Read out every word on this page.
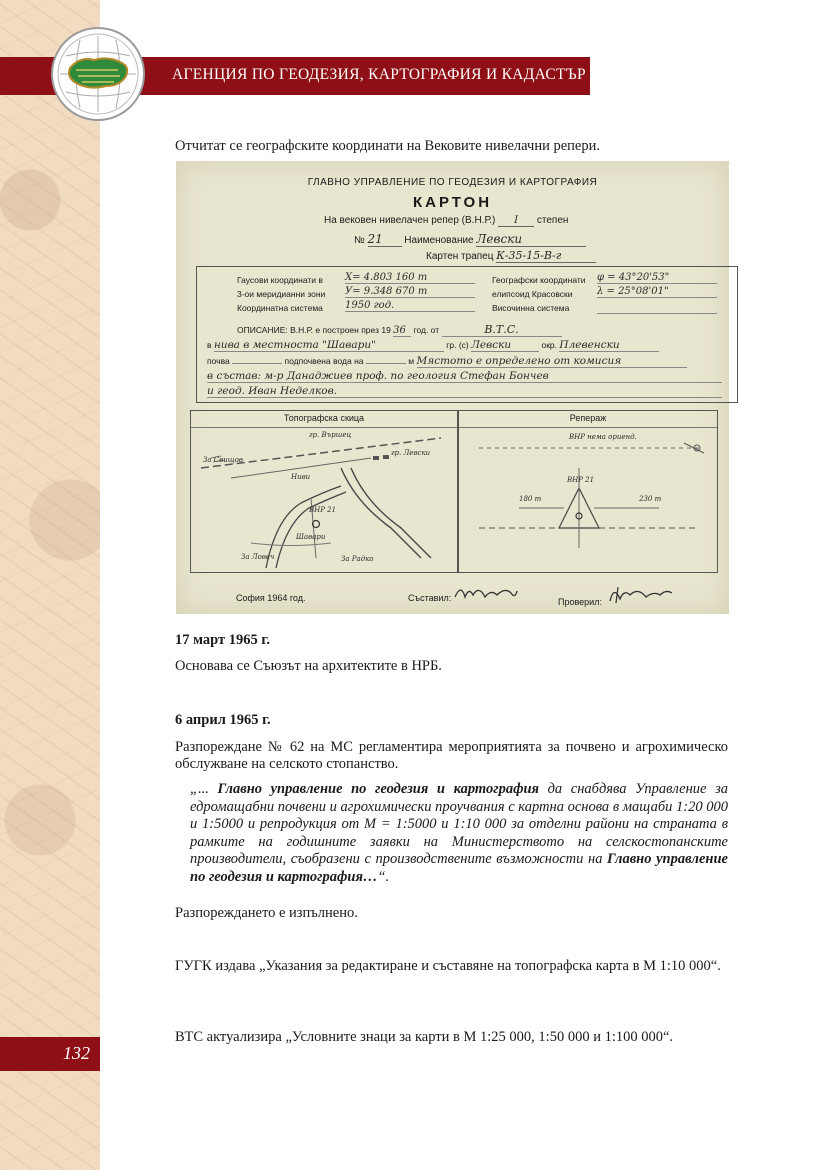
АГЕНЦИЯ ПО ГЕОДЕЗИЯ, КАРТОГРАФИЯ И КАДАСТЪР
Отчитат се географските координати на Вековите нивелачни репери.
ГЛАВНО УПРАВЛЕНИЕ ПО ГЕОДЕЗИЯ И КАРТОГРАФИЯ
КАРТОН
На вековен нивелачен репер (В.Н.Р.) I степен
№ 21 Наименование Левски
Картен трапец К-35-15-В-г
Гаусови координати в X= 4.803 160 m
3-ои меридианни зони У= 9.348 670 m
Координатна система 1950 год.
Географски координати φ = 43°20'53"
елипсоид Красовски λ = 25°08'01"
Височинна система
ОПИСАНИЕ: В.Н.Р. е построен през 19 36 год. от	В.Т.С.
в нива в местноста "Шавари"	гр. (с) Левски	окр. Плевенски
почва	подпочвена вода на	м Мястото е определено от комисия
в състав: м-р Данаджиев проф. по геология Стефан Бончев
и геод. Иван Неделков.
Топографска скица
гр. Вършец
ВНР 21
Шавари
гр. Левски
Ниви
За Ловеч	За Радко
За Свищов
Репераж
ВНР нема ориенд.
180 m	230 m
ВНР 21
София 1964 год.	Съставил:	Проверил:
17 март 1965 г.
Основава се Съюзът на архитектите в НРБ.
6 април 1965 г.
Разпореждане № 62 на МС регламентира мероприятията за почвено и агрохимическо обслужване на селското стопанство.
„... Главно управление по геодезия и картография да снабдява Управление за едромащабни почвени и агрохимически проучвания с картна основа в мащаби 1:20 000 и 1:5000 и репродукция от М = 1:5000 и 1:10 000 за отделни райони на страната в рамките на годишните заявки на Министерството на селскостопанските производители, съобразени с производствените възможности на Главно управление по геодезия и картография…“.
Разпореждането е изпълнено.
ГУГК издава „Указания за редактиране и съставяне на топографска карта в М 1:10 000“.
ВТС актуализира „Условните знаци за карти в М 1:25 000, 1:50 000 и 1:100 000“.
132
